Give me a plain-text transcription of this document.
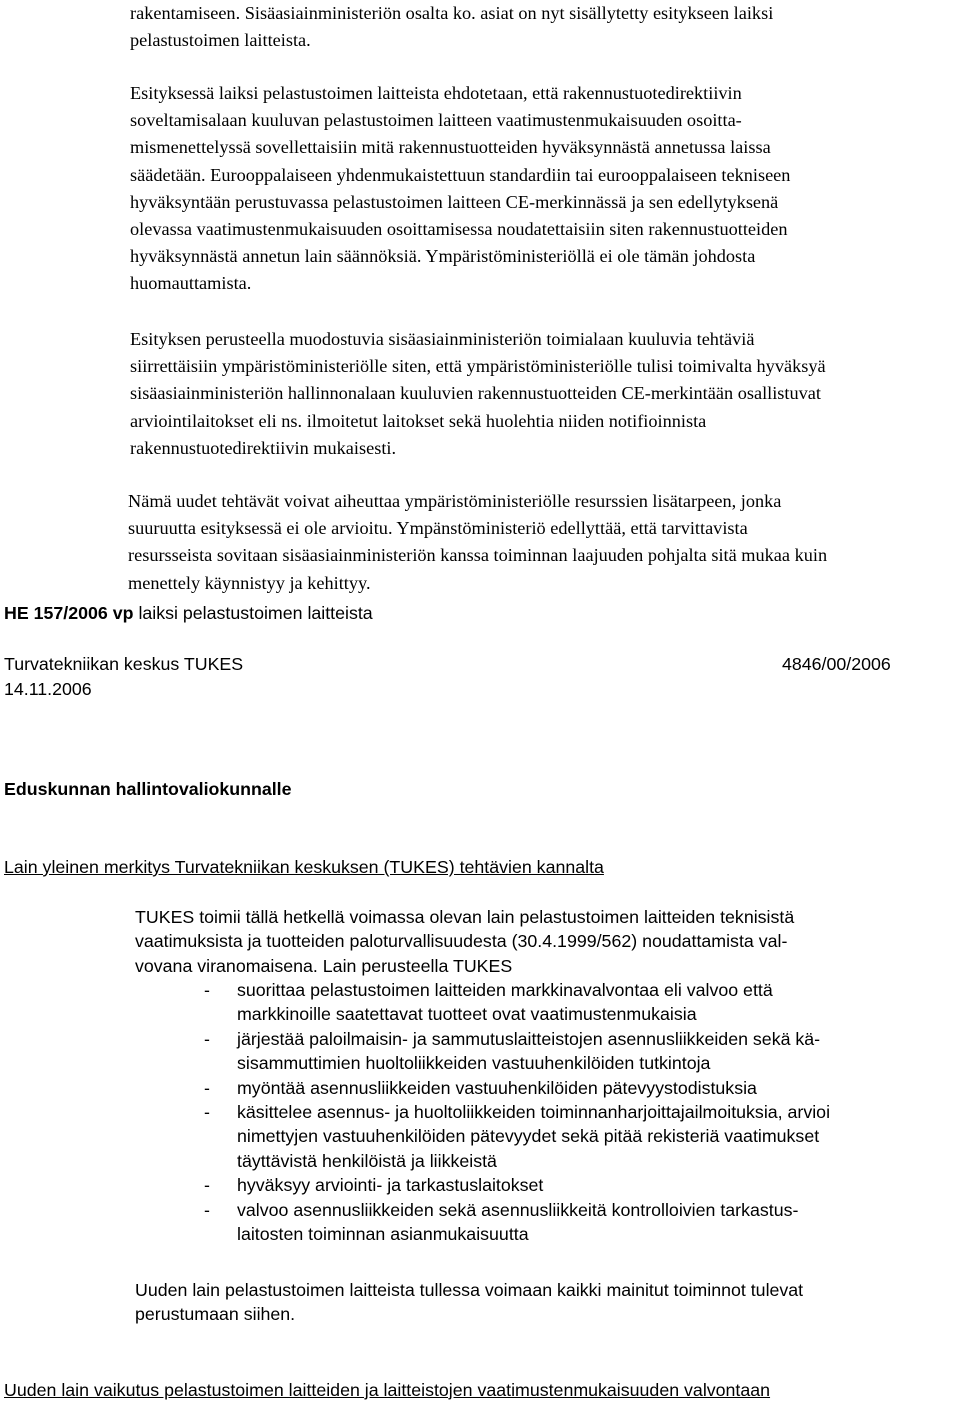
rakentamiseen. Sisäasiainministeriön osalta ko. asiat on nyt sisällytetty esitykseen laiksi
pelastustoimen laitteista.
Esityksessä laiksi pelastustoimen laitteista ehdotetaan, että rakennustuotedirektiivin
soveltamisalaan kuuluvan pelastustoimen laitteen vaatimustenmukaisuuden osoitta-
mismenettelyssä sovellettaisiin mitä rakennustuotteiden hyväksynnästä annetussa laissa
säädetään. Eurooppalaiseen yhdenmukaistettuun standardiin tai eurooppalaiseen tekniseen
hyväksyntään perustuvassa pelastustoimen laitteen CE-merkinnässä ja sen edellytyksenä
olevassa vaatimustenmukaisuuden osoittamisessa noudatettaisiin siten rakennustuotteiden
hyväksynnästä annetun lain säännöksiä. Ympäristöministeriöllä ei ole tämän johdosta
huomauttamista.
Esityksen perusteella muodostuvia sisäasiainministeriön toimialaan kuuluvia tehtäviä
siirrettäisiin ympäristöministeriölle siten, että ympäristöministeriölle tulisi toimivalta hyväksyä
sisäasiainministeriön hallinnonalaan kuuluvien rakennustuotteiden CE-merkintään osallistuvat
arviointilaitokset eli ns. ilmoitetut laitokset sekä huolehtia niiden notifioinnista
rakennustuotedirektiivin mukaisesti.
Nämä uudet tehtävät voivat aiheuttaa ympäristöministeriölle resurssien lisätarpeen, jonka
suuruutta esityksessä ei ole arvioitu. Ympänstöministeriö edellyttää, että tarvittavista
resursseista sovitaan sisäasiainministeriön kanssa toiminnan laajuuden pohjalta sitä mukaa kuin
menettely käynnistyy ja kehittyy.
HE 157/2006 vp laiksi pelastustoimen laitteista
Turvatekniikan keskus TUKES	4846/00/2006
14.11.2006
Eduskunnan hallintovaliokunnalle
Lain yleinen merkitys Turvatekniikan keskuksen (TUKES) tehtävien kannalta
TUKES toimii tällä hetkellä voimassa olevan lain pelastustoimen laitteiden teknisistä
vaatimuksista ja tuotteiden paloturvallisuudesta (30.4.1999/562) noudattamista val-
vovana viranomaisena. Lain perusteella TUKES
-	suorittaa pelastustoimen laitteiden markkinavalvontaa eli valvoo että
markkinoille saatettavat tuotteet ovat vaatimustenmukaisia
-	järjestää paloilmaisin- ja sammutuslaitteistojen asennusliikkeiden sekä kä-
sisammuttimien huoltoliikkeiden vastuuhenkilöiden tutkintoja
-	myöntää asennusliikkeiden vastuuhenkilöiden pätevyystodistuksia
-	käsittelee asennus- ja huoltoliikkeiden toiminnanharjoittajailmoituksia, arvioi
nimettyjen vastuuhenkilöiden pätevyydet sekä pitää rekisteriä vaatimukset
täyttävistä henkilöistä ja liikkeistä
-	hyväksyy arviointi- ja tarkastuslaitokset
-	valvoo asennusliikkeiden sekä asennusliikkeitä kontrolloivien tarkastus-
laitosten toiminnan asianmukaisuutta
Uuden lain pelastustoimen laitteista tullessa voimaan kaikki mainitut toiminnot tulevat
perustumaan siihen.
Uuden lain vaikutus pelastustoimen laitteiden ja laitteistojen vaatimustenmukaisuuden valvontaan
